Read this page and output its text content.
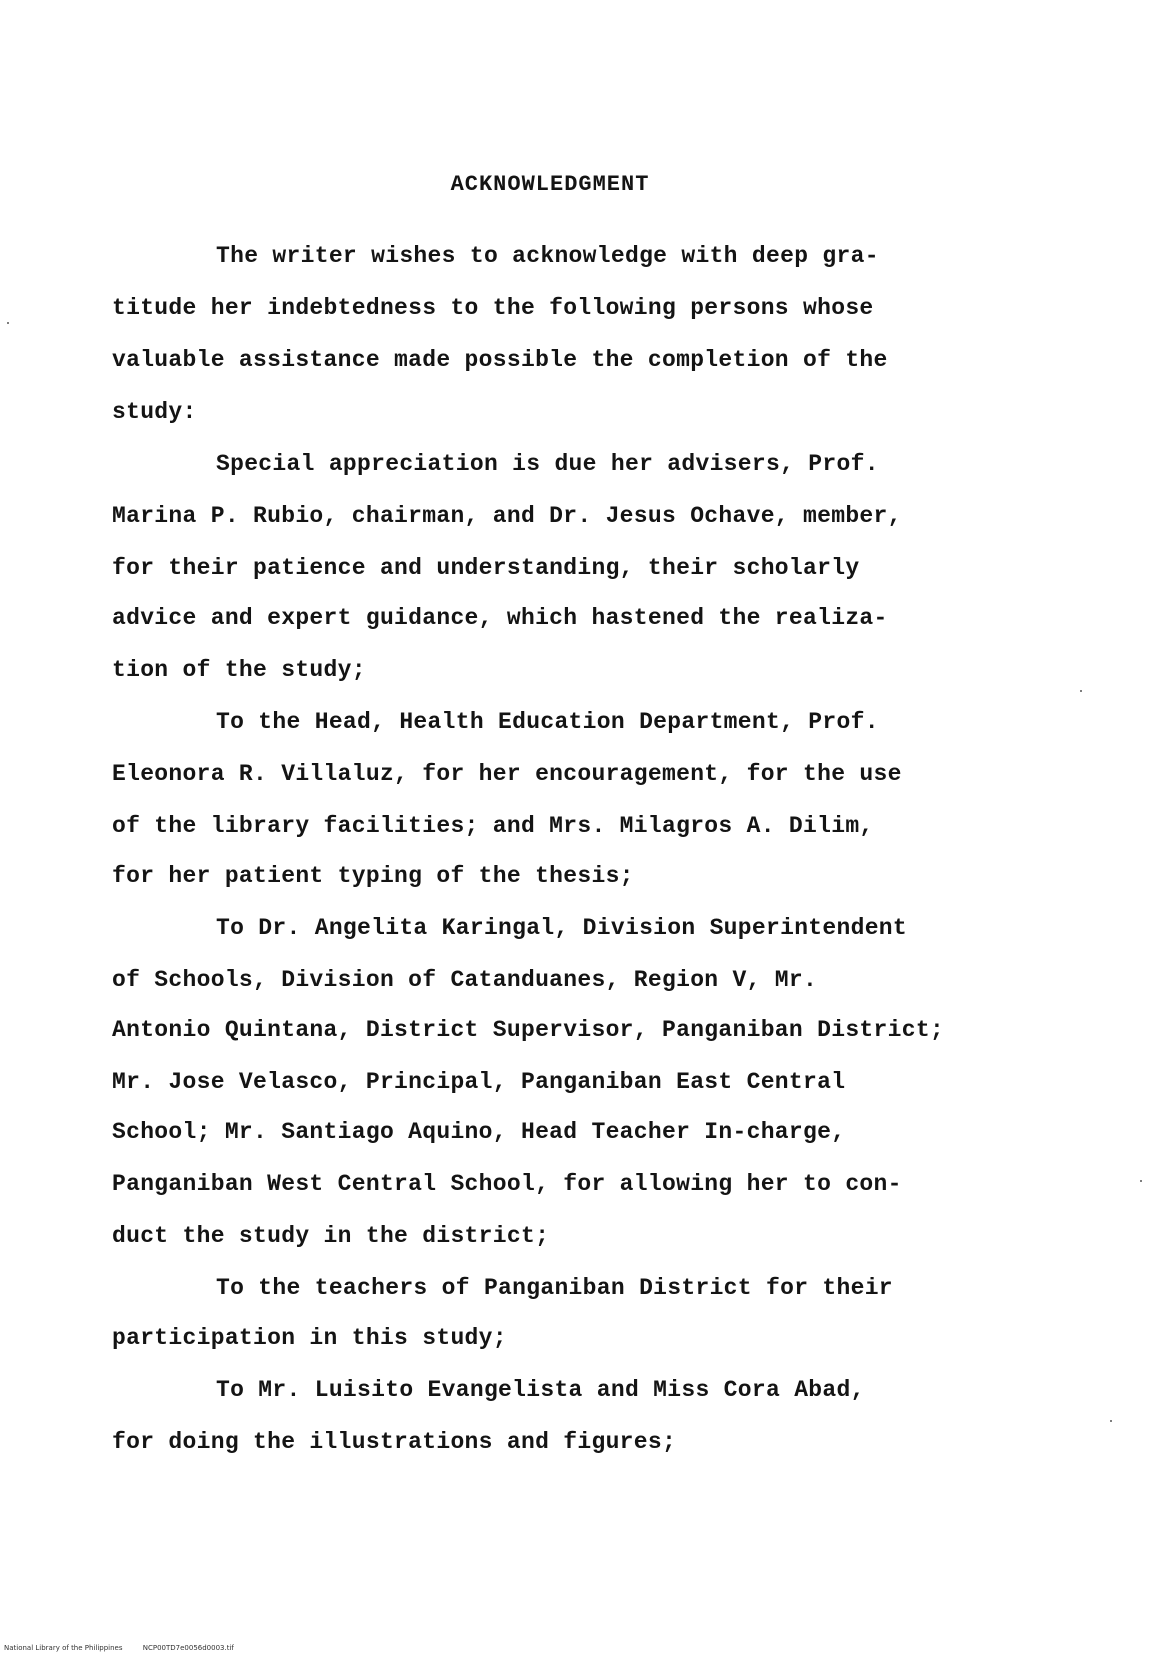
ACKNOWLEDGMENT
The writer wishes to acknowledge with deep gra-
titude her indebtedness to the following persons whose
valuable assistance made possible the completion of the
study:
Special appreciation is due her advisers, Prof.
Marina P. Rubio, chairman, and Dr. Jesus Ochave, member,
for their patience and understanding, their scholarly
advice and expert guidance, which hastened the realiza-
tion of the study;
To the Head, Health Education Department, Prof.
Eleonora R. Villaluz, for her encouragement, for the use
of the library facilities; and Mrs. Milagros A. Dilim,
for her patient typing of the thesis;
To Dr. Angelita Karingal, Division Superintendent
of Schools, Division of Catanduanes, Region V, Mr.
Antonio Quintana, District Supervisor, Panganiban District;
Mr. Jose Velasco, Principal, Panganiban East Central
School; Mr. Santiago Aquino, Head Teacher In-charge,
Panganiban West Central School, for allowing her to con-
duct the study in the district;
To the teachers of Panganiban District for their
participation in this study;
To Mr. Luisito Evangelista and Miss Cora Abad,
for doing the illustrations and figures;
National Library of the Philippines	NCP00TD7e0056d0003.tif
